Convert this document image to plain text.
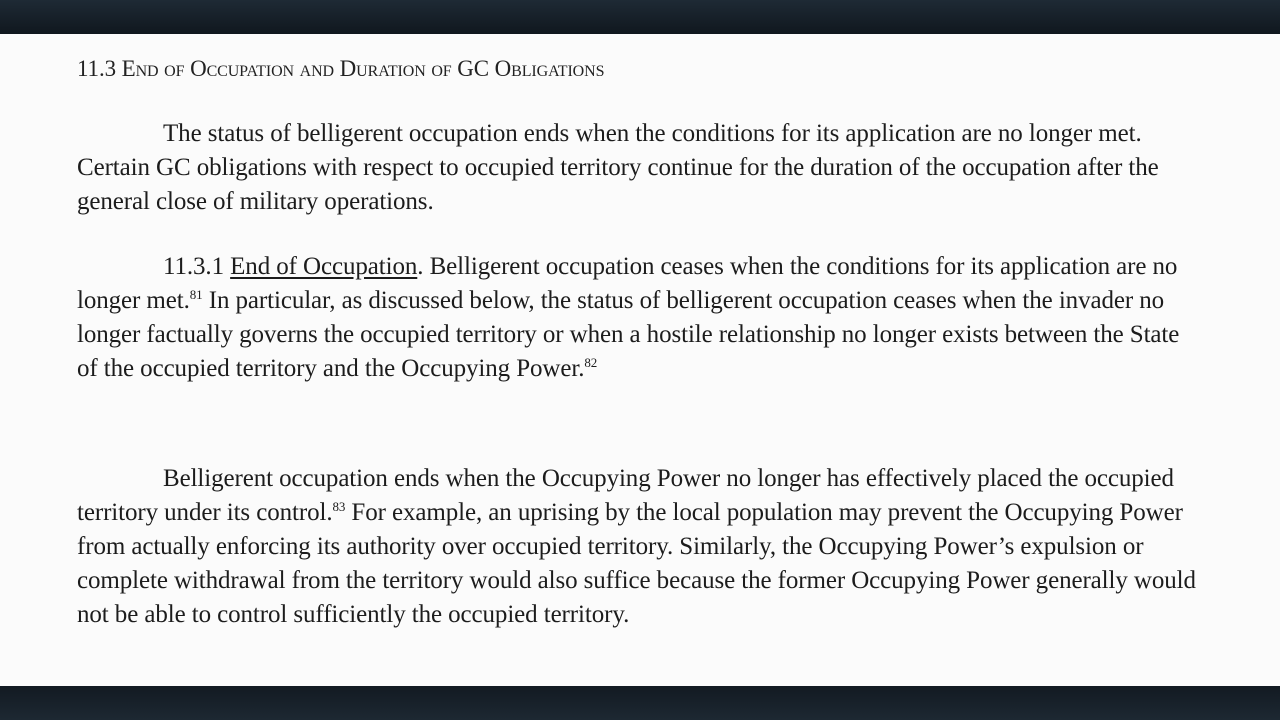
11.3 End of Occupation and Duration of GC Obligations

The status of belligerent occupation ends when the conditions for its application are no longer met. Certain GC obligations with respect to occupied territory continue for the duration of the occupation after the general close of military operations.

11.3.1 End of Occupation. Belligerent occupation ceases when the conditions for its application are no longer met.$^{81}$ In particular, as discussed below, the status of belligerent occupation ceases when the invader no longer factually governs the occupied territory or when a hostile relationship no longer exists between the State of the occupied territory and the Occupying Power.$^{82}$

Belligerent occupation ends when the Occupying Power no longer has effectively placed the occupied territory under its control.$^{83}$ For example, an uprising by the local population may prevent the Occupying Power from actually enforcing its authority over occupied territory. Similarly, the Occupying Power’s expulsion or complete withdrawal from the territory would also suffice because the former Occupying Power generally would not be able to control sufficiently the occupied territory.
